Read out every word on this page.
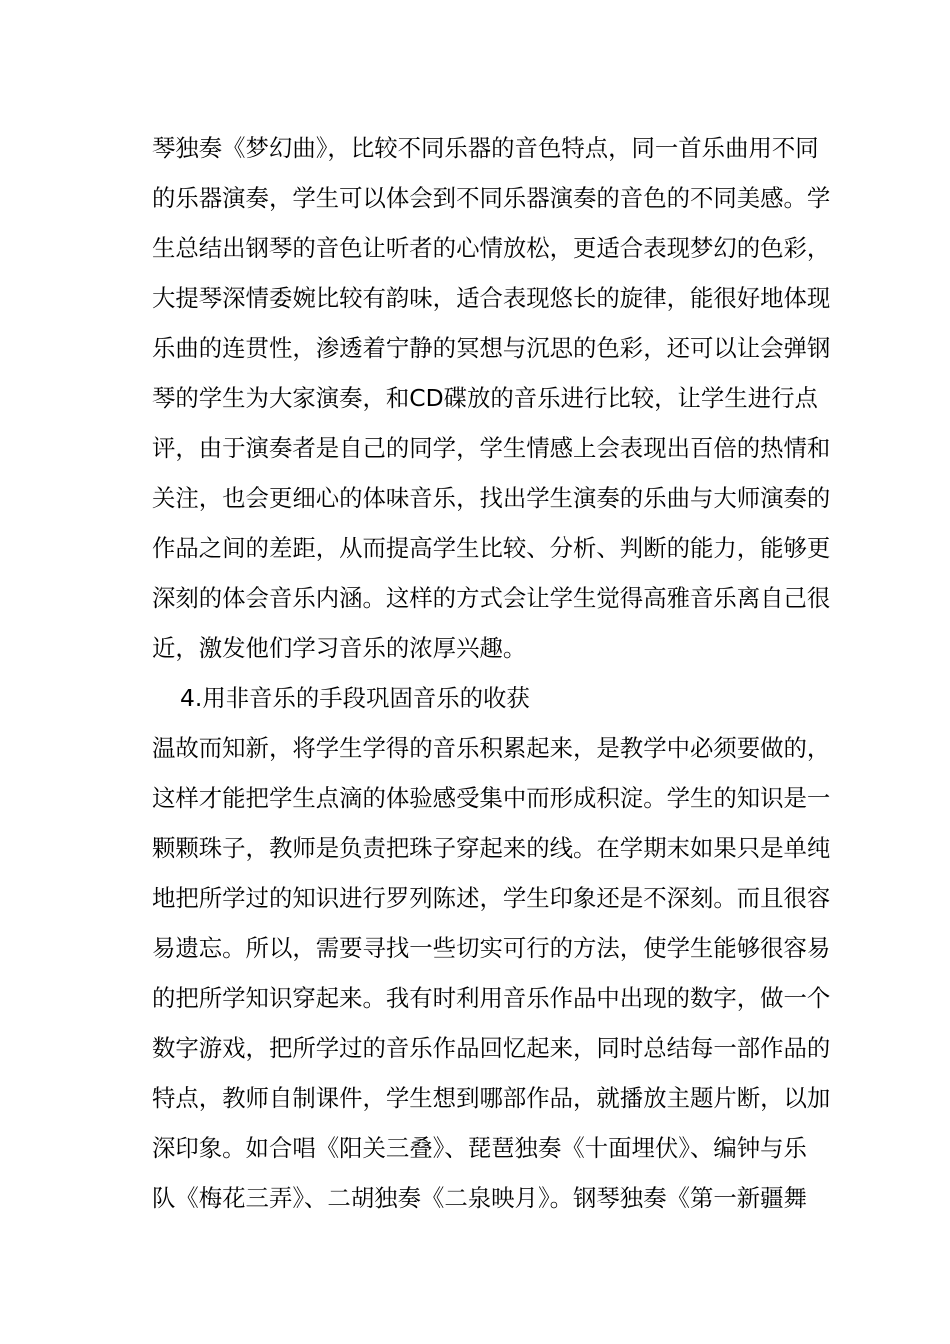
琴独奏《梦幻曲》，比较不同乐器的音色特点，同一首乐曲用不同
的乐器演奏，学生可以体会到不同乐器演奏的音色的不同美感。学
生总结出钢琴的音色让听者的心情放松，更适合表现梦幻的色彩，
大提琴深情委婉比较有韵味，适合表现悠长的旋律，能很好地体现
乐曲的连贯性，渗透着宁静的冥想与沉思的色彩，还可以让会弹钢
琴的学生为大家演奏，和CD碟放的音乐进行比较，让学生进行点
评，由于演奏者是自己的同学，学生情感上会表现出百倍的热情和
关注，也会更细心的体味音乐，找出学生演奏的乐曲与大师演奏的
作品之间的差距，从而提高学生比较、分析、判断的能力，能够更
深刻的体会音乐内涵。这样的方式会让学生觉得高雅音乐离自己很
近，激发他们学习音乐的浓厚兴趣。
4.用非音乐的手段巩固音乐的收获
温故而知新，将学生学得的音乐积累起来，是教学中必须要做的，
这样才能把学生点滴的体验感受集中而形成积淀。学生的知识是一
颗颗珠子，教师是负责把珠子穿起来的线。在学期末如果只是单纯
地把所学过的知识进行罗列陈述，学生印象还是不深刻。而且很容
易遗忘。所以，需要寻找一些切实可行的方法，使学生能够很容易
的把所学知识穿起来。我有时利用音乐作品中出现的数字，做一个
数字游戏，把所学过的音乐作品回忆起来，同时总结每一部作品的
特点，教师自制课件，学生想到哪部作品，就播放主题片断，以加
深印象。如合唱《阳关三叠》、琵琶独奏《十面埋伏》、编钟与乐
队《梅花三弄》、二胡独奏《二泉映月》。钢琴独奏《第一新疆舞
